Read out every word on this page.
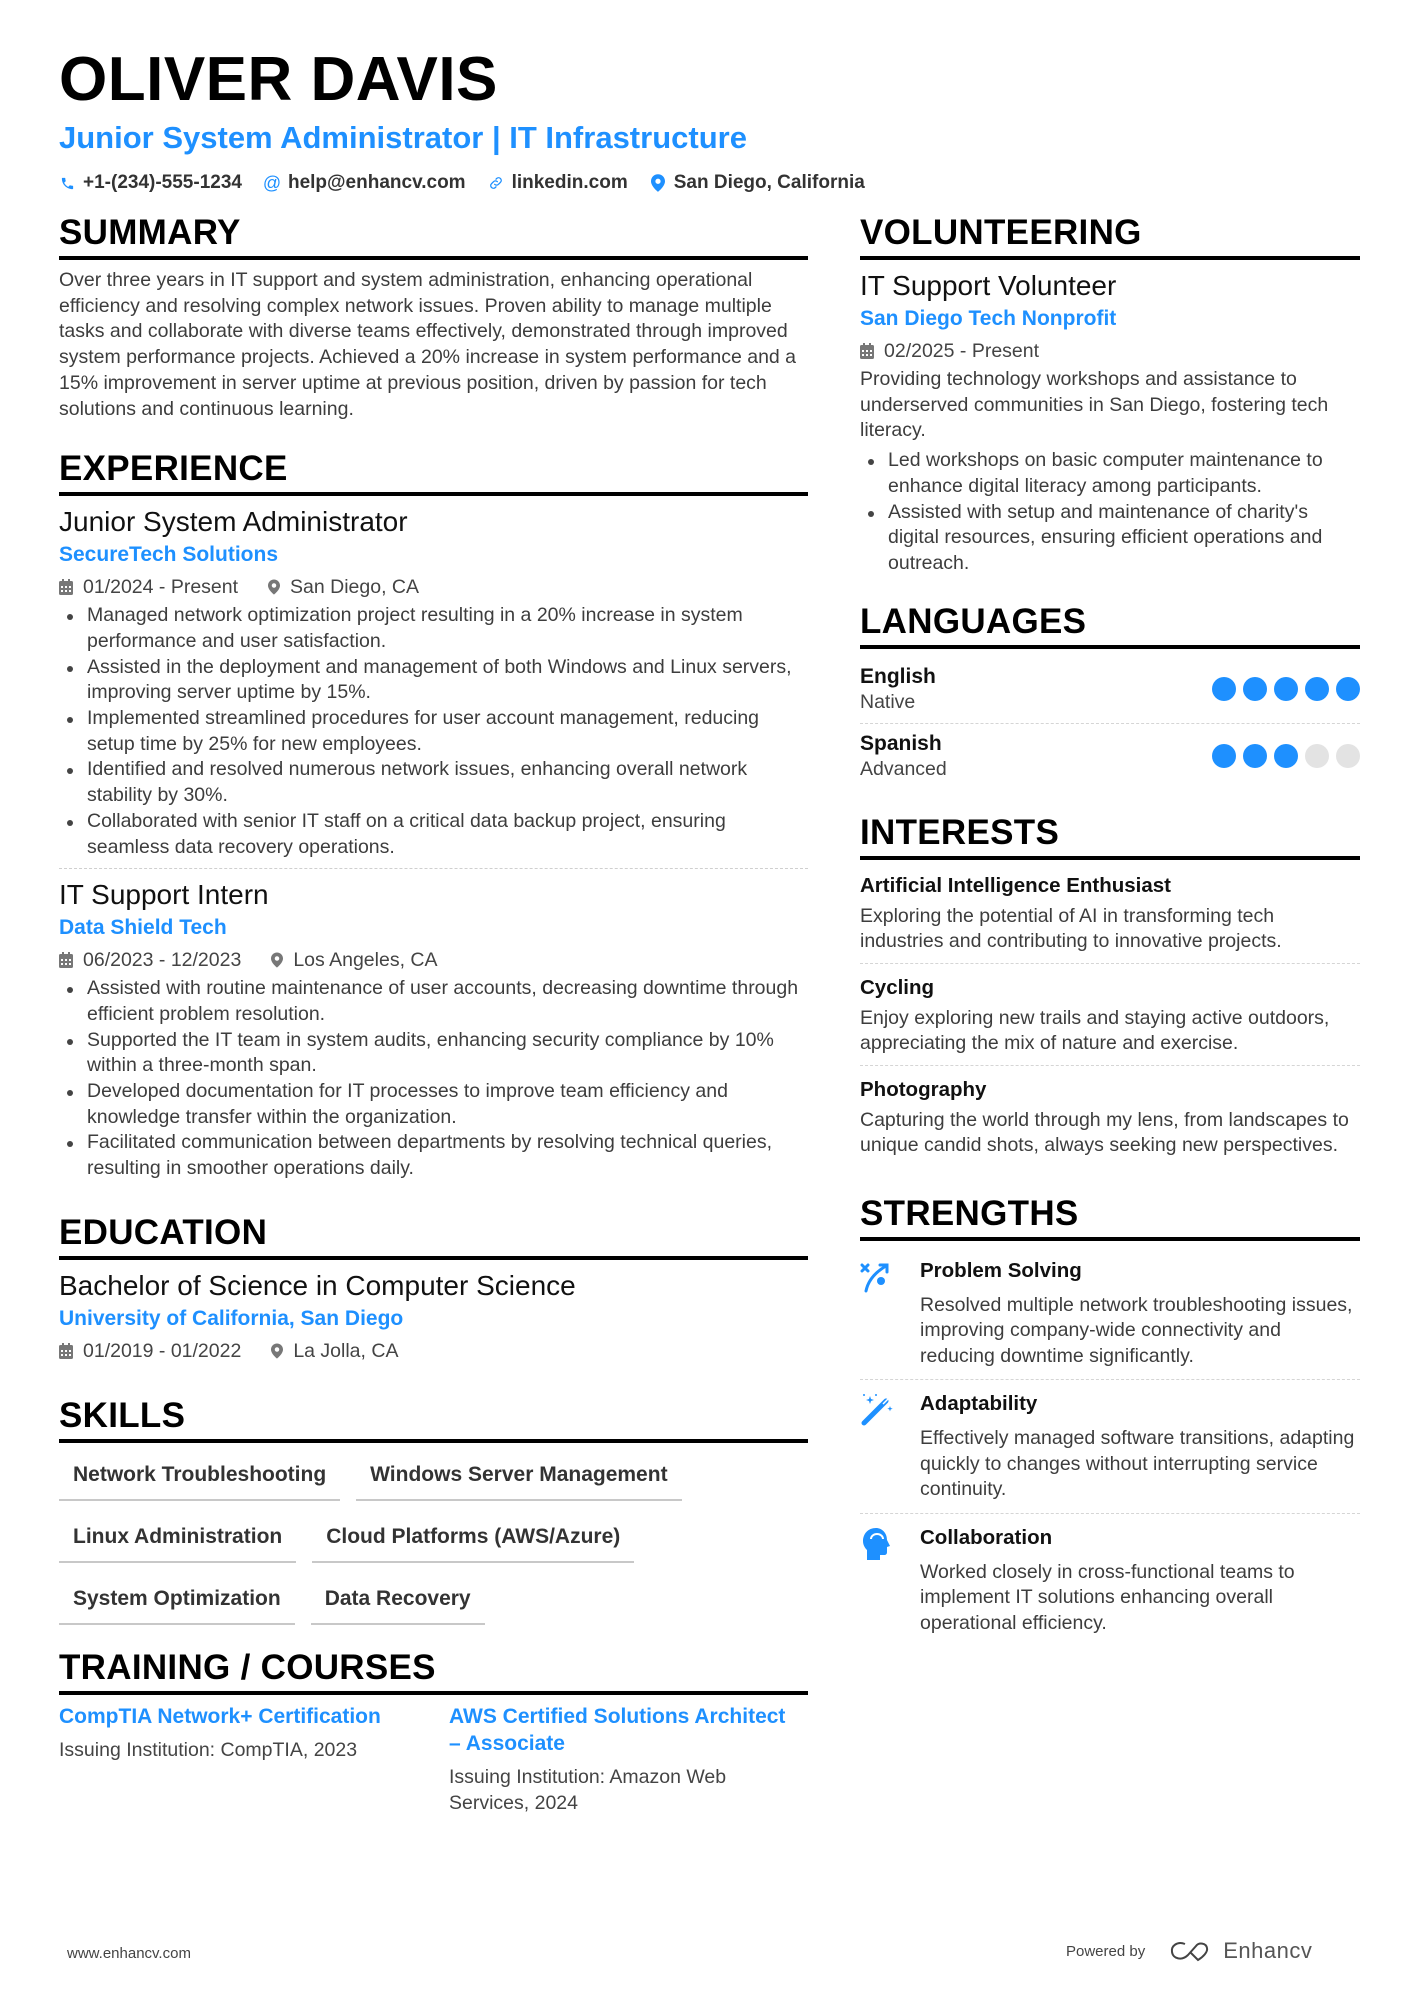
OLIVER DAVIS
Junior System Administrator | IT Infrastructure
+1-(234)-555-1234 @ help@enhancv.com linkedin.com San Diego, California
SUMMARY

Over three years in IT support and system administration, enhancing operational efficiency and resolving complex network issues. Proven ability to manage multiple tasks and collaborate with diverse teams effectively, demonstrated through improved system performance projects. Achieved a 20% increase in system performance and a 15% improvement in server uptime at previous position, driven by passion for tech solutions and continuous learning.

EXPERIENCE
Junior System Administrator
SecureTech Solutions
01/2024 - Present	San Diego, CA
Managed network optimization project resulting in a 20% increase in system performance and user satisfaction.
Assisted in the deployment and management of both Windows and Linux servers, improving server uptime by 15%.
Implemented streamlined procedures for user account management, reducing setup time by 25% for new employees.
Identified and resolved numerous network issues, enhancing overall network stability by 30%.
Collaborated with senior IT staff on a critical data backup project, ensuring seamless data recovery operations.
IT Support Intern
Data Shield Tech
06/2023 - 12/2023	Los Angeles, CA
Assisted with routine maintenance of user accounts, decreasing downtime through efficient problem resolution.
Supported the IT team in system audits, enhancing security compliance by 10% within a three-month span.
Developed documentation for IT processes to improve team efficiency and knowledge transfer within the organization.
Facilitated communication between departments by resolving technical queries, resulting in smoother operations daily.
EDUCATION
Bachelor of Science in Computer Science
University of California, San Diego
01/2019 - 01/2022	La Jolla, CA
SKILLS
Network Troubleshooting	Windows Server Management
Linux Administration	Cloud Platforms (AWS/Azure)
System Optimization	Data Recovery
TRAINING / COURSES
CompTIA Network+ Certification
Issuing Institution: CompTIA, 2023
AWS Certified Solutions Architect – Associate
Issuing Institution: Amazon Web Services, 2024
VOLUNTEERING
IT Support Volunteer
San Diego Tech Nonprofit
02/2025 - Present

Providing technology workshops and assistance to underserved communities in San Diego, fostering tech literacy.

Led workshops on basic computer maintenance to enhance digital literacy among participants.
Assisted with setup and maintenance of charity's digital resources, ensuring efficient operations and outreach.
LANGUAGES
English
Native
Spanish
Advanced
INTERESTS
Artificial Intelligence Enthusiast
Exploring the potential of AI in transforming tech industries and contributing to innovative projects.
Cycling
Enjoy exploring new trails and staying active outdoors, appreciating the mix of nature and exercise.
Photography
Capturing the world through my lens, from landscapes to unique candid shots, always seeking new perspectives.
STRENGTHS
Problem Solving
Resolved multiple network troubleshooting issues, improving company-wide connectivity and reducing downtime significantly.
Adaptability
Effectively managed software transitions, adapting quickly to changes without interrupting service continuity.
Collaboration
Worked closely in cross-functional teams to implement IT solutions enhancing overall operational efficiency.
www.enhancv.com	Powered by	Enhancv
